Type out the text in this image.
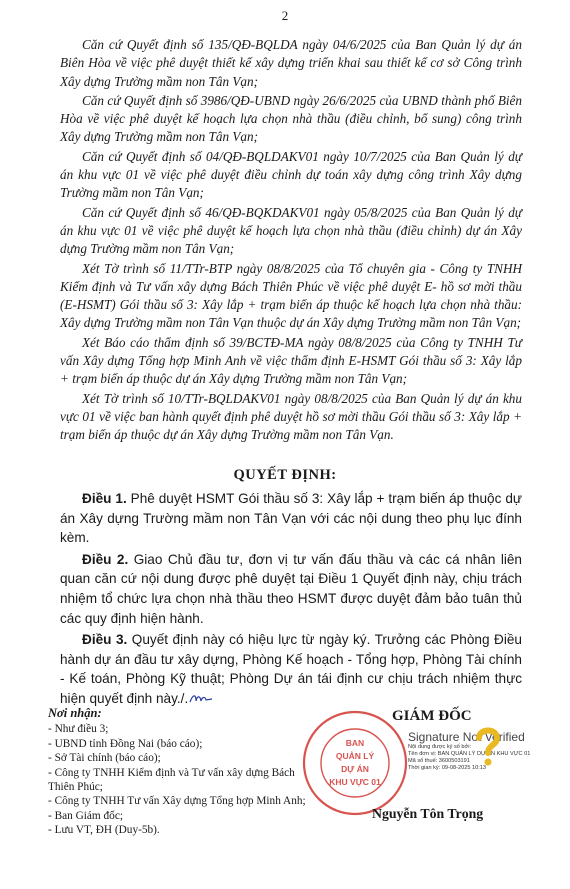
2

Căn cứ Quyết định số 135/QĐ-BQLDA ngày 04/6/2025 của Ban Quản lý dự án Biên Hòa về việc phê duyệt thiết kế xây dựng triển khai sau thiết kế cơ sở Công trình Xây dựng Trường mầm non Tân Vạn;

Căn cứ Quyết định số 3986/QĐ-UBND ngày 26/6/2025 của UBND thành phố Biên Hòa về việc phê duyệt kế hoạch lựa chọn nhà thầu (điều chỉnh, bổ sung) công trình Xây dựng Trường mầm non Tân Vạn;

Căn cứ Quyết định số 04/QĐ-BQLDAKV01 ngày 10/7/2025 của Ban Quản lý dự án khu vực 01 về việc phê duyệt điều chỉnh dự toán xây dựng công trình Xây dựng Trường mầm non Tân Vạn;

Căn cứ Quyết định số 46/QĐ-BQKDAKV01 ngày 05/8/2025 của Ban Quản lý dự án khu vực 01 về việc phê duyệt kế hoạch lựa chọn nhà thầu (điều chỉnh) dự án Xây dựng Trường mầm non Tân Vạn;

Xét Tờ trình số 11/TTr-BTP ngày 08/8/2025 của Tổ chuyên gia - Công ty TNHH Kiểm định và Tư vấn xây dựng Bách Thiên Phúc về việc phê duyệt E- hồ sơ mời thầu (E-HSMT) Gói thầu số 3: Xây lắp + trạm biến áp thuộc kế hoạch lựa chọn nhà thầu: Xây dựng Trường mầm non Tân Vạn thuộc dự án Xây dựng Trường mầm non Tân Vạn;

Xét Báo cáo thẩm định số 39/BCTĐ-MA ngày 08/8/2025 của Công ty TNHH Tư vấn Xây dựng Tổng hợp Minh Anh về việc thẩm định E-HSMT Gói thầu số 3: Xây lắp + trạm biến áp thuộc dự án Xây dựng Trường mầm non Tân Vạn;

Xét Tờ trình số 10/TTr-BQLDAKV01 ngày 08/8/2025 của Ban Quản lý dự án khu vực 01 về việc ban hành quyết định phê duyệt hồ sơ mời thầu Gói thầu số 3: Xây lắp + trạm biến áp thuộc dự án Xây dựng Trường mầm non Tân Vạn.

QUYẾT ĐỊNH:

Điều 1. Phê duyệt HSMT Gói thầu số 3: Xây lắp + trạm biến áp thuộc dự án Xây dựng Trường mầm non Tân Vạn với các nội dung theo phụ lục đính kèm.

Điều 2. Giao Chủ đầu tư, đơn vị tư vấn đấu thầu và các cá nhân liên quan căn cứ nội dung được phê duyệt tại Điều 1 Quyết định này, chịu trách nhiệm tổ chức lựa chọn nhà thầu theo HSMT được duyệt đảm bảo tuân thủ các quy định hiện hành.

Điều 3. Quyết định này có hiệu lực từ ngày ký. Trưởng các Phòng Điều hành dự án đầu tư xây dựng, Phòng Kế hoạch - Tổng hợp, Phòng Tài chính - Kế toán, Phòng Kỹ thuật; Phòng Dự án tái định cư chịu trách nhiệm thực hiện quyết định này./.

Nơi nhận:
- Như điều 3;
- UBND tỉnh Đồng Nai (báo cáo);
- Sở Tài chính (báo cáo);
- Công ty TNHH Kiểm định và Tư vấn xây dựng Bách Thiên Phúc;
- Công ty TNHH Tư vấn Xây dựng Tổng hợp Minh Anh;
- Ban Giám đốc;
- Lưu VT, ĐH (Duy-5b).
BAN
QUẢN LÝ
DỰ ÁN
KHU VỰC 01
GIÁM ĐỐC
Signature Not Verified
Nội dung được ký số bởi:
Tên đơn vị: BAN QUẢN LÝ DỰ ÁN KHU VỰC 01
Mã số thuế: 3600503191
Thời gian ký: 09-08-2025 10:13
Nguyễn Tôn Trọng
